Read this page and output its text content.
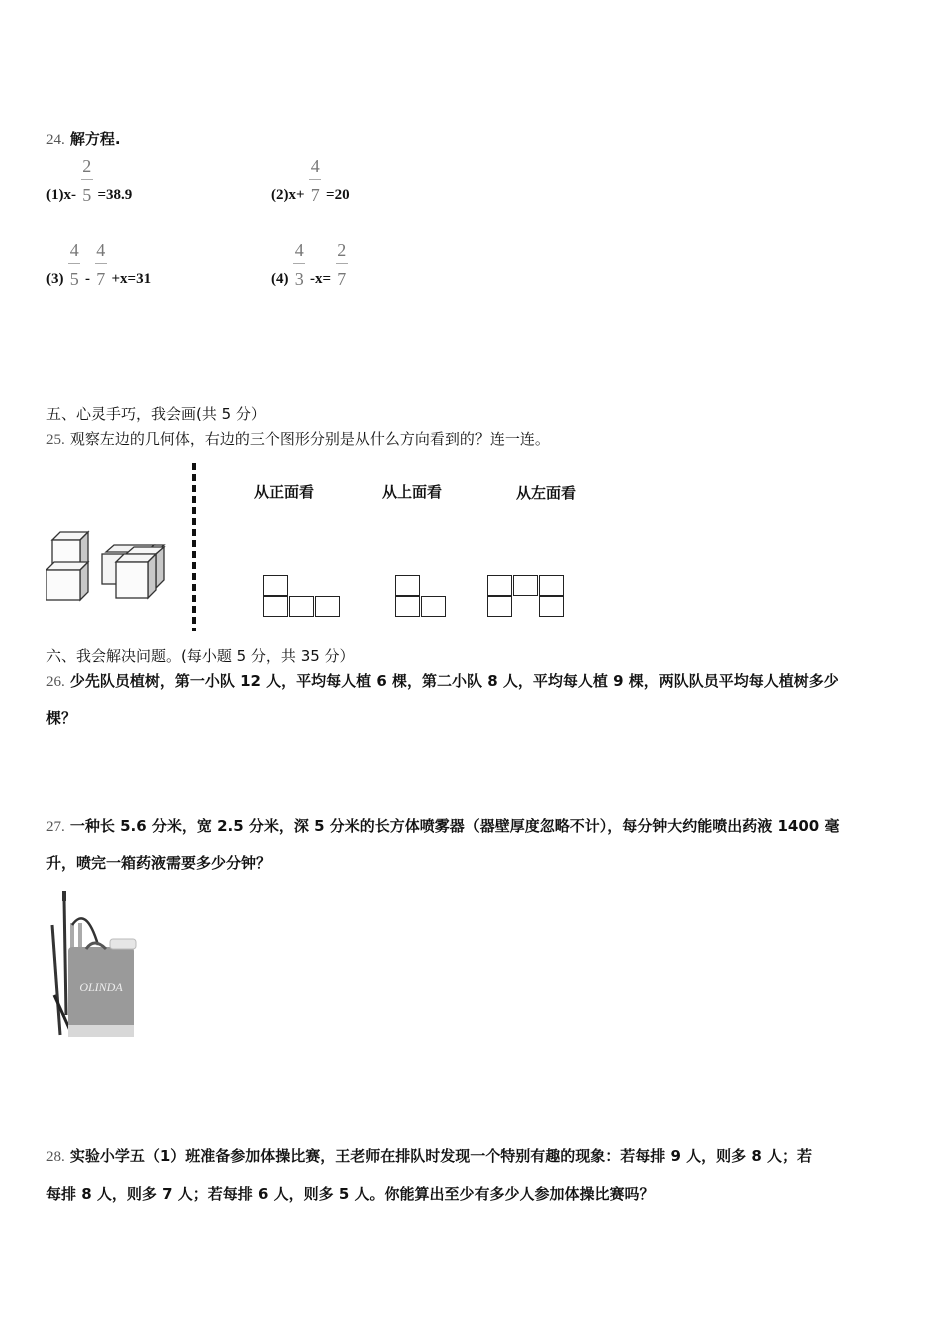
24. 解方程.
$(1)x- \frac{2}{5} =38.9$	$(2)x+ \frac{4}{7} =20$
$(3) \frac{4}{5} - \frac{4}{7} +x=31$	$(4) \frac{4}{3} -x= \frac{2}{7}$
五、心灵手巧，我会画(共 5 分）
25. 观察左边的几何体，右边的三个图形分别是从什么方向看到的？连一连。
从正面看	从上面看	从左面看
六、我会解决问题。(每小题 5 分，共 35 分）
26. 少先队员植树，第一小队 12 人，平均每人植 6 棵，第二小队 8 人，平均每人植 9 棵，两队队员平均每人植树多少
棵？
27. 一种长 5.6 分米，宽 2.5 分米，深 5 分米的长方体喷雾器（器壁厚度忽略不计），每分钟大约能喷出药液 1400 毫
升，喷完一箱药液需要多少分钟？
OLINDA
28. 实验小学五（1）班准备参加体操比赛，王老师在排队时发现一个特别有趣的现象：若每排 9 人，则多 8 人；若
每排 8 人，则多 7 人；若每排 6 人，则多 5 人。你能算出至少有多少人参加体操比赛吗？
